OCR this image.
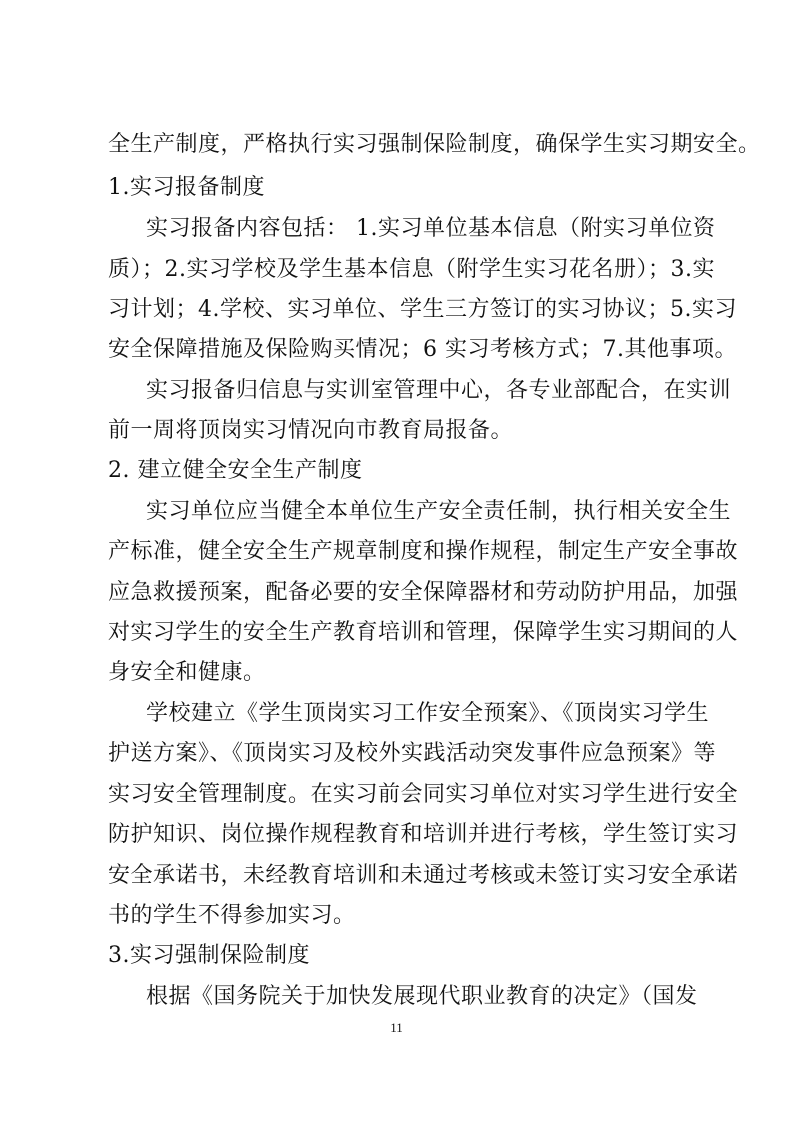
全生产制度，严格执行实习强制保险制度，确保学生实习期安全。
1.实习报备制度
实习报备内容包括： 1.实习单位基本信息（附实习单位资
质）；2.实习学校及学生基本信息（附学生实习花名册）；3.实
习计划；4.学校、实习单位、学生三方签订的实习协议；5.实习
安全保障措施及保险购买情况；6 实习考核方式；7.其他事项。
实习报备归信息与实训室管理中心，各专业部配合，在实训
前一周将顶岗实习情况向市教育局报备。
2. 建立健全安全生产制度
实习单位应当健全本单位生产安全责任制，执行相关安全生
产标准，健全安全生产规章制度和操作规程，制定生产安全事故
应急救援预案，配备必要的安全保障器材和劳动防护用品，加强
对实习学生的安全生产教育培训和管理，保障学生实习期间的人
身安全和健康。
学校建立《学生顶岗实习工作安全预案》、《顶岗实习学生
护送方案》、《顶岗实习及校外实践活动突发事件应急预案》等
实习安全管理制度。在实习前会同实习单位对实习学生进行安全
防护知识、岗位操作规程教育和培训并进行考核，学生签订实习
安全承诺书，未经教育培训和未通过考核或未签订实习安全承诺
书的学生不得参加实习。
3.实习强制保险制度
根据《国务院关于加快发展现代职业教育的决定》（国发
11
